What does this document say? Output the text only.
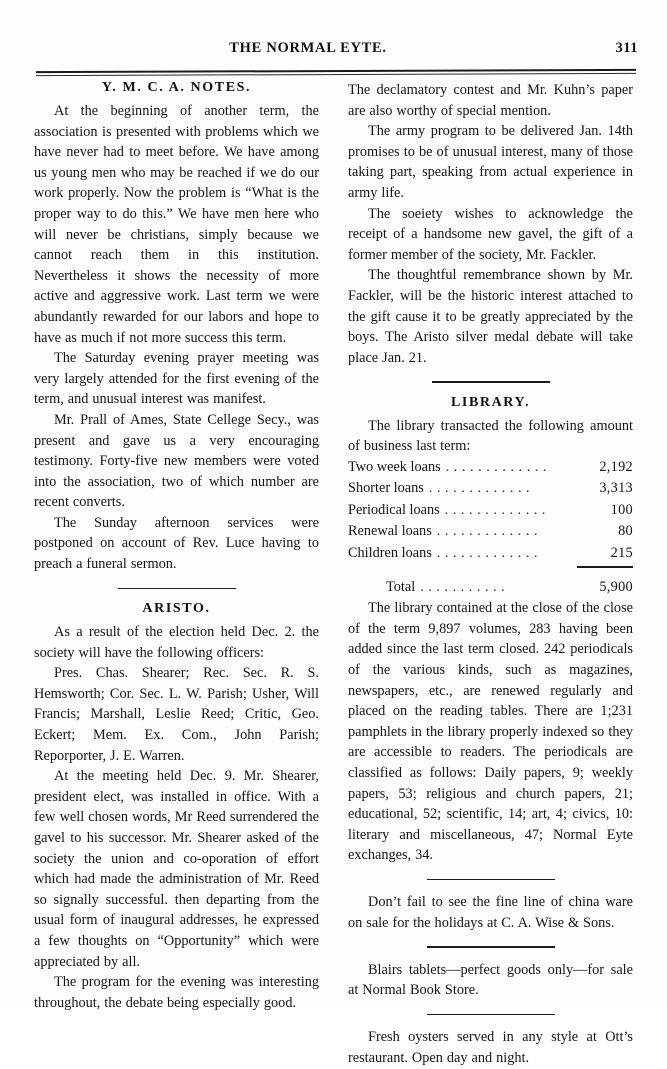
THE NORMAL EYTE.	311
Y. M. C. A. NOTES.

At the beginning of another term, the association is presented with problems which we have never had to meet before. We have among us young men who may be reached if we do our work properly. Now the problem is “What is the proper way to do this.” We have men here who will never be christians, simply because we cannot reach them in this institution. Nevertheless it shows the necessity of more active and aggressive work. Last term we were abundantly rewarded for our labors and hope to have as much if not more success this term.

The Saturday evening prayer meeting was very largely attended for the first evening of the term, and unusual interest was manifest.

Mr. Prall of Ames, State Cellege Secy., was present and gave us a very encouraging testimony. Forty-five new members were voted into the association, two of which number are recent converts.

The Sunday afternoon services were postponed on account of Rev. Luce having to preach a funeral sermon.

ARISTO.

As a result of the election held Dec. 2. the society will have the following officers:

Pres. Chas. Shearer; Rec. Sec. R. S. Hemsworth; Cor. Sec. L. W. Parish; Usher, Will Francis; Marshall, Leslie Reed; Critic, Geo. Eckert; Mem. Ex. Com., John Parish; Reporporter, J. E. Warren.

At the meeting held Dec. 9. Mr. Shearer, president elect, was installed in office. With a few well chosen words, Mr Reed surrendered the gavel to his successor. Mr. Shearer asked of the society the union and co-oporation of effort which had made the administration of Mr. Reed so signally successful. then departing from the usual form of inaugural addresses, he expressed a few thoughts on “Opportunity” which were appreciated by all.

The program for the evening was interesting throughout, the debate being especially good.

The declamatory contest and Mr. Kuhn’s paper are also worthy of special mention.

The army program to be delivered Jan. 14th promises to be of unusual interest, many of those taking part, speaking from actual experience in army life.

The soeiety wishes to acknowledge the receipt of a handsome new gavel, the gift of a former member of the society, Mr. Fackler.

The thoughtful remembrance shown by Mr. Fackler, will be the historic interest attached to the gift cause it to be greatly appreciated by the boys. The Aristo silver medal debate will take place Jan. 21.

LIBRARY.

The library transacted the following amount of business last term:

Two week loans .............	2,192
Shorter loans .............	3,313
Periodical loans .............	100
Renewal loans .............	80
Children loans .............	215
Total ...........	5,900

The library contained at the close of the close of the term 9,897 volumes, 283 having been added since the last term closed. 242 periodicals of the various kinds, such as magazines, newspapers, etc., are renewed regularly and placed on the reading tables. There are 1;231 pamphlets in the library properly indexed so they are accessible to readers. The periodicals are classified as follows: Daily papers, 9; weekly papers, 53; religious and church papers, 21; educational, 52; scientific, 14; art, 4; civics, 10: literary and miscellaneous, 47; Normal Eyte exchanges, 34.

Don’t fail to see the fine line of china ware on sale for the holidays at C. A. Wise & Sons.

Blairs tablets—perfect goods only—for sale at Normal Book Store.

Fresh oysters served in any style at Ott’s restaurant. Open day and night.
